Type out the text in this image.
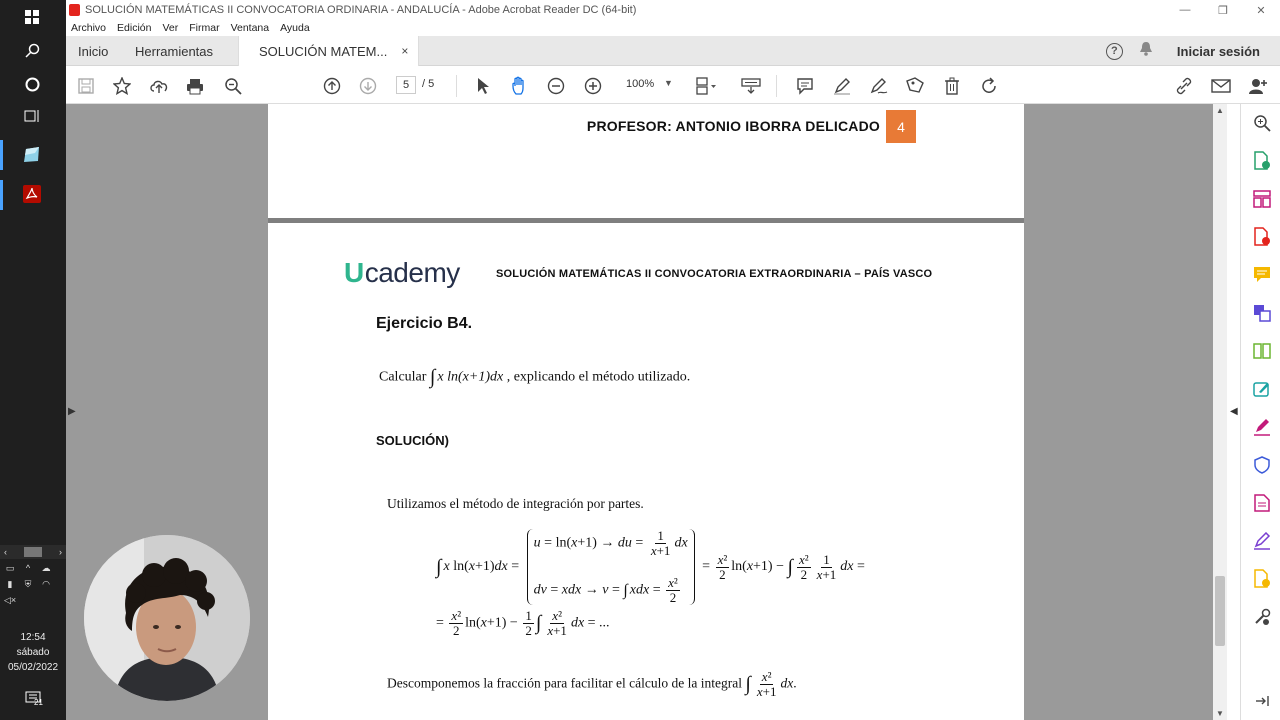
‹	›
▭	^	☁
▮	⛨ ◠
◁×
12:54
sábado
05/02/2022
21
SOLUCIÓN MATEMÁTICAS II CONVOCATORIA ORDINARIA - ANDALUCÍA - Adobe Acrobat Reader DC (64-bit)	—	❐	✕
Archivo Edición Ver Firmar Ventana Ayuda
Inicio Herramientas	SOLUCIÓN MATEM... ×	?	Iniciar sesión
5	/ 5	100% ▼
▶
PROFESOR: ANTONIO IBORRA DELICADO	4
U cademy	SOLUCIÓN MATEMÁTICAS II CONVOCATORIA EXTRAORDINARIA – PAÍS VASCO
Ejercicio B4.
Calcular ∫ x ln(x+1)dx , explicando el método utilizado.
SOLUCIÓN)
Utilizamos el método de integración por partes.
∫ x ln(x+1)dx =
u = ln(x+1) → du = $\frac{1}{x+1}$ dx
dv = xdx → v = ∫ xdx = $\frac{\text{x²}}{2}$
= $\frac{\text{x²}}{2} \ln(x+1)$ − ∫ $\frac{\text{x²}}{2} \frac{1}{x+1}$ dx =
= $\frac{\text{x²}}{2} \ln(x+1) - \frac{1}{2}$ ∫ $\frac{\text{x²}}{x+1}$ dx = ...
Descomponemos la fracción para facilitar el cálculo de la integral ∫ $\frac{\text{x²}}{x+1}$ dx.
▲
▼
◀
